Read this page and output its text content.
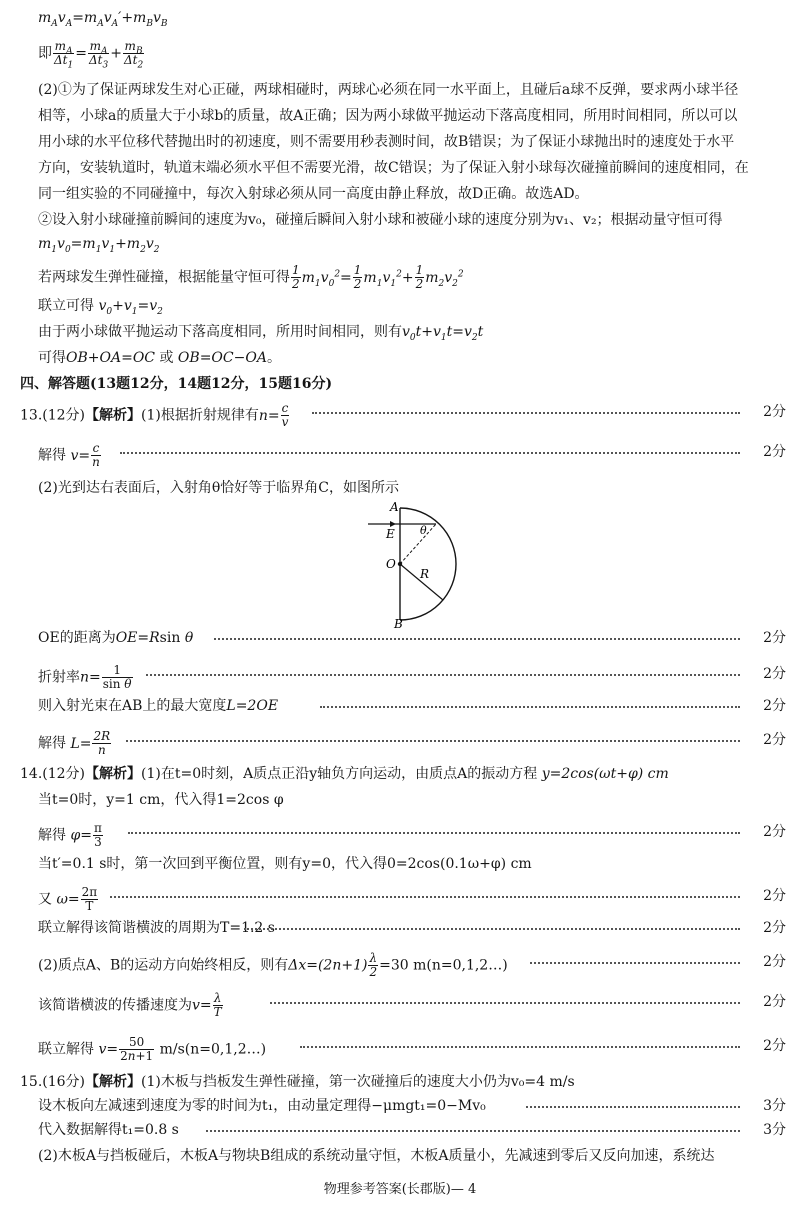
$m_Av_A=m_Av_A'+m_Bv_B$
即 $\frac{m_A}{\Delta t_1} = \frac{m_A}{\Delta t_3} + \frac{m_B}{\Delta t_2}$
(2)①为了保证两球发生对心正碰，两球相碰时，两球心必须在同一水平面上，且碰后a球不反弹，要求两小球半径
相等，小球a的质量大于小球b的质量，故A正确；因为两小球做平抛运动下落高度相同，所用时间相同，所以可以
用小球的水平位移代替抛出时的初速度，则不需要用秒表测时间，故B错误；为了保证小球抛出时的速度处于水平
方向，安装轨道时，轨道末端必须水平但不需要光滑，故C错误；为了保证入射小球每次碰撞前瞬间的速度相同，在
同一组实验的不同碰撞中，每次入射球必须从同一高度由静止释放，故D正确。故选AD。
②设入射小球碰撞前瞬间的速度为v₀，碰撞后瞬间入射小球和被碰小球的速度分别为v₁、v₂；根据动量守恒可得
$m_1v_0=m_1v_1+m_2v_2$
若两球发生弹性碰撞，根据能量守恒可得 $\frac{1}{2} m_1v_0^2= \frac{1}{2} m_1v_1^2+ \frac{1}{2} m_2v_2^2$
联立可得 $v_0+v_1=v_2$
由于两小球做平抛运动下落高度相同，所用时间相同，则有$v_0t+v_1t=v_2t$
可得OB+OA=OC 或 OB=OC−OA。
四、解答题(13题12分，14题12分，15题16分)
13.(12分)【解析】(1)根据折射规律有$n= \frac{c}{v}$	2分
解得 $v= \frac{c}{n}$	2分
(2)光到达右表面后，入射角θ恰好等于临界角C，如图所示
A
E
O
B
R
θ
OE的距离为OE=Rsin θ	2分
折射率$n= \frac{1}{\text{sin θ}}$	2分
则入射光束在AB上的最大宽度L=2OE	2分
解得 $L= \frac{2R}{n}$	2分
14.(12分)【解析】(1)在t=0时刻，A质点正沿y轴负方向运动，由质点A的振动方程 y=2cos(ωt+φ) cm
当t=0时，y=1 cm，代入得1=2cos φ
解得 $\varphi= \frac{\pi}{3}$	2分
当t′=0.1 s时，第一次回到平衡位置，则有y=0，代入得0=2cos(0.1ω+φ) cm
又 $\omega= \frac{2\pi}{T}$	2分
联立解得该简谐横波的周期为T=1.2 s	2分
(2)质点A、B的运动方向始终相反，则有$\Delta x=(2n+1) \frac{\lambda}{2} =30$ m(n=0,1,2…)	2分
该简谐横波的传播速度为$v= \frac{\lambda}{T}$	2分
联立解得 $v= \frac{50}{2n+1}$ m/s(n=0,1,2…)	2分
15.(16分)【解析】(1)木板与挡板发生弹性碰撞，第一次碰撞后的速度大小仍为v₀=4 m/s
设木板向左减速到速度为零的时间为t₁，由动量定理得−μmgt₁=0−Mv₀	3分
代入数据解得t₁=0.8 s	3分
(2)木板A与挡板碰后，木板A与物块B组成的系统动量守恒，木板A质量小，先减速到零后又反向加速，系统达
物理参考答案(长郡版)— 4
